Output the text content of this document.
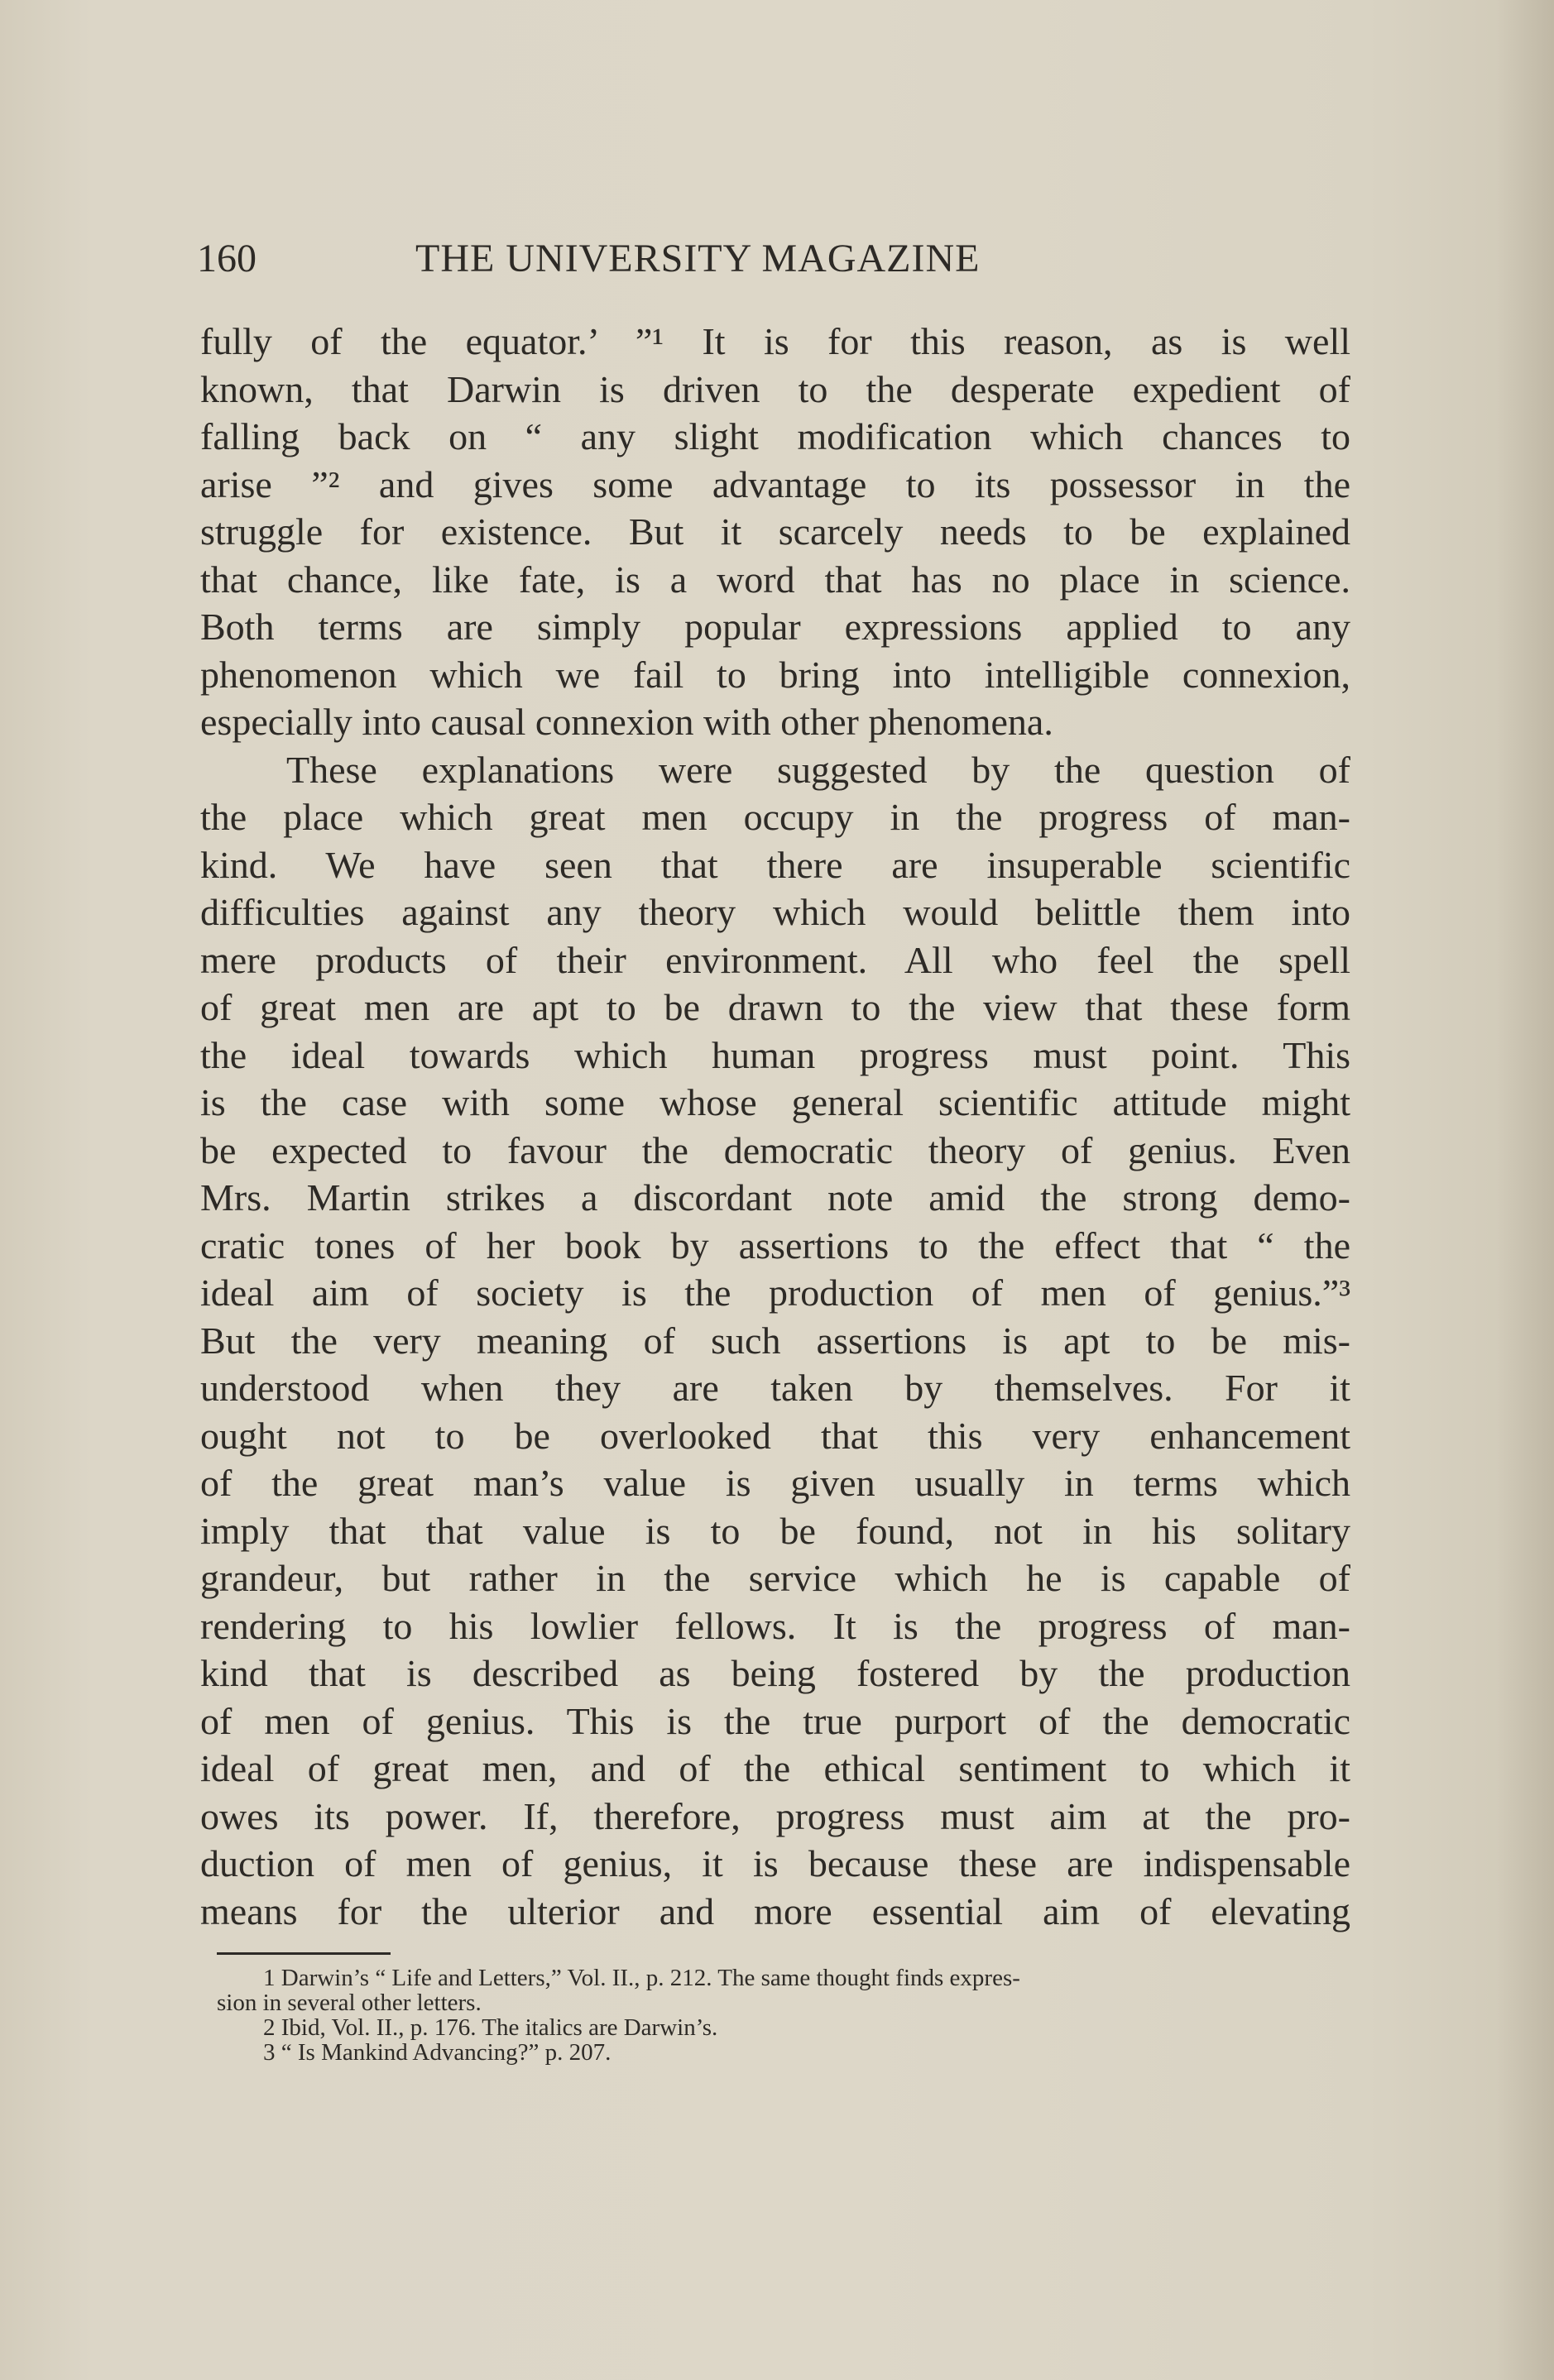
160	THE UNIVERSITY MAGAZINE
fully of the equator.’ ”¹ It is for this reason, as is well
known, that Darwin is driven to the desperate expedient of
falling back on “ any slight modification which chances to
arise ”² and gives some advantage to its possessor in the
struggle for existence. But it scarcely needs to be explained
that chance, like fate, is a word that has no place in science.
Both terms are simply popular expressions applied to any
phenomenon which we fail to bring into intelligible connexion,
especially into causal connexion with other phenomena.
These explanations were suggested by the question of
the place which great men occupy in the progress of man-
kind. We have seen that there are insuperable scientific
difficulties against any theory which would belittle them into
mere products of their environment. All who feel the spell
of great men are apt to be drawn to the view that these form
the ideal towards which human progress must point. This
is the case with some whose general scientific attitude might
be expected to favour the democratic theory of genius. Even
Mrs. Martin strikes a discordant note amid the strong demo-
cratic tones of her book by assertions to the effect that “ the
ideal aim of society is the production of men of genius.”³
But the very meaning of such assertions is apt to be mis-
understood when they are taken by themselves. For it
ought not to be overlooked that this very enhancement
of the great man’s value is given usually in terms which
imply that that value is to be found, not in his solitary
grandeur, but rather in the service which he is capable of
rendering to his lowlier fellows. It is the progress of man-
kind that is described as being fostered by the production
of men of genius. This is the true purport of the democratic
ideal of great men, and of the ethical sentiment to which it
owes its power. If, therefore, progress must aim at the pro-
duction of men of genius, it is because these are indispensable
means for the ulterior and more essential aim of elevating
1 Darwin’s “ Life and Letters,” Vol. II., p. 212. The same thought finds expres-
sion in several other letters.
2 Ibid, Vol. II., p. 176. The italics are Darwin’s.
3 “ Is Mankind Advancing?” p. 207.
